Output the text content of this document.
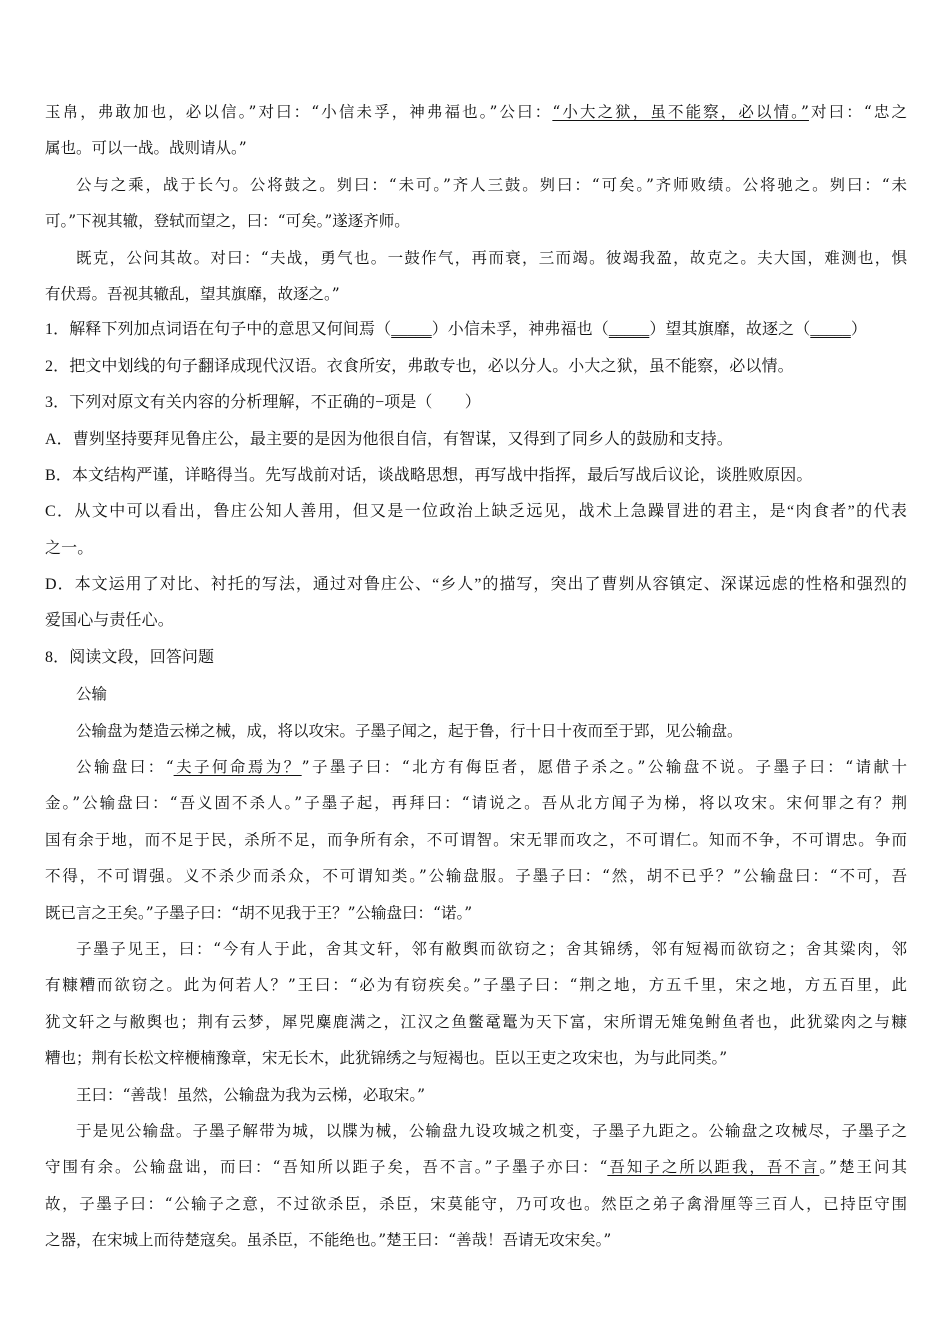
玉帛，弗敢加也，必以信。”对曰：“小信未孚，神弗福也。”公曰：“小大之狱，虽不能察，必以情。”对曰：“忠之
属也。可以一战。战则请从。”
公与之乘，战于长勺。公将鼓之。刿曰：“未可。”齐人三鼓。刿曰：“可矣。”齐师败绩。公将驰之。刿曰：“未
可。”下视其辙，登轼而望之，曰：“可矣。”遂逐齐师。
既克，公问其故。对曰：“夫战，勇气也。一鼓作气，再而衰，三而竭。彼竭我盈，故克之。夫大国，难测也，惧
有伏焉。吾视其辙乱，望其旗靡，故逐之。”
1．解释下列加点词语在句子中的意思又何间焉（_____）小信未孚，神弗福也（_____）望其旗靡，故逐之（_____）
2．把文中划线的句子翻译成现代汉语。衣食所安，弗敢专也，必以分人。小大之狱，虽不能察，必以情。
3．下列对原文有关内容的分析理解，不正确的−项是（　　）
A．曹刿坚持要拜见鲁庄公，最主要的是因为他很自信，有智谋，又得到了同乡人的鼓励和支持。
B．本文结构严谨，详略得当。先写战前对话，谈战略思想，再写战中指挥，最后写战后议论，谈胜败原因。
C．从文中可以看出，鲁庄公知人善用，但又是一位政治上缺乏远见，战术上急躁冒进的君主，是“肉食者”的代表
之一。
D．本文运用了对比、衬托的写法，通过对鲁庄公、“乡人”的描写，突出了曹刿从容镇定、深谋远虑的性格和强烈的
爱国心与责任心。
8．阅读文段，回答问题
公输
公输盘为楚造云梯之械，成，将以攻宋。子墨子闻之，起于鲁，行十日十夜而至于郢，见公输盘。
公输盘曰：“夫子何命焉为？”子墨子曰：“北方有侮臣者，愿借子杀之。”公输盘不说。子墨子曰：“请献十
金。”公输盘曰：“吾义固不杀人。”子墨子起，再拜曰：“请说之。吾从北方闻子为梯，将以攻宋。宋何罪之有？荆
国有余于地，而不足于民，杀所不足，而争所有余，不可谓智。宋无罪而攻之，不可谓仁。知而不争，不可谓忠。争而
不得，不可谓强。义不杀少而杀众，不可谓知类。”公输盘服。子墨子曰：“然，胡不已乎？”公输盘曰：“不可，吾
既已言之王矣。”子墨子曰：“胡不见我于王？”公输盘曰：“诺。”
子墨子见王，曰：“今有人于此，舍其文轩，邻有敝舆而欲窃之；舍其锦绣，邻有短褐而欲窃之；舍其粱肉，邻
有糠糟而欲窃之。此为何若人？”王曰：“必为有窃疾矣。”子墨子曰：“荆之地，方五千里，宋之地，方五百里，此
犹文轩之与敝舆也；荆有云梦，犀兕麋鹿满之，江汉之鱼鳖鼋鼍为天下富，宋所谓无雉兔鲋鱼者也，此犹粱肉之与糠
糟也；荆有长松文梓楩楠豫章，宋无长木，此犹锦绣之与短褐也。臣以王吏之攻宋也，为与此同类。”
王曰：“善哉！虽然，公输盘为我为云梯，必取宋。”
于是见公输盘。子墨子解带为城，以牒为械，公输盘九设攻城之机变，子墨子九距之。公输盘之攻械尽，子墨子之
守围有余。公输盘诎，而曰：“吾知所以距子矣，吾不言。”子墨子亦曰：“吾知子之所以距我，吾不言。”楚王问其
故，子墨子曰：“公输子之意，不过欲杀臣，杀臣，宋莫能守，乃可攻也。然臣之弟子禽滑厘等三百人，已持臣守围
之器，在宋城上而待楚寇矣。虽杀臣，不能绝也。”楚王曰：“善哉！吾请无攻宋矣。”
